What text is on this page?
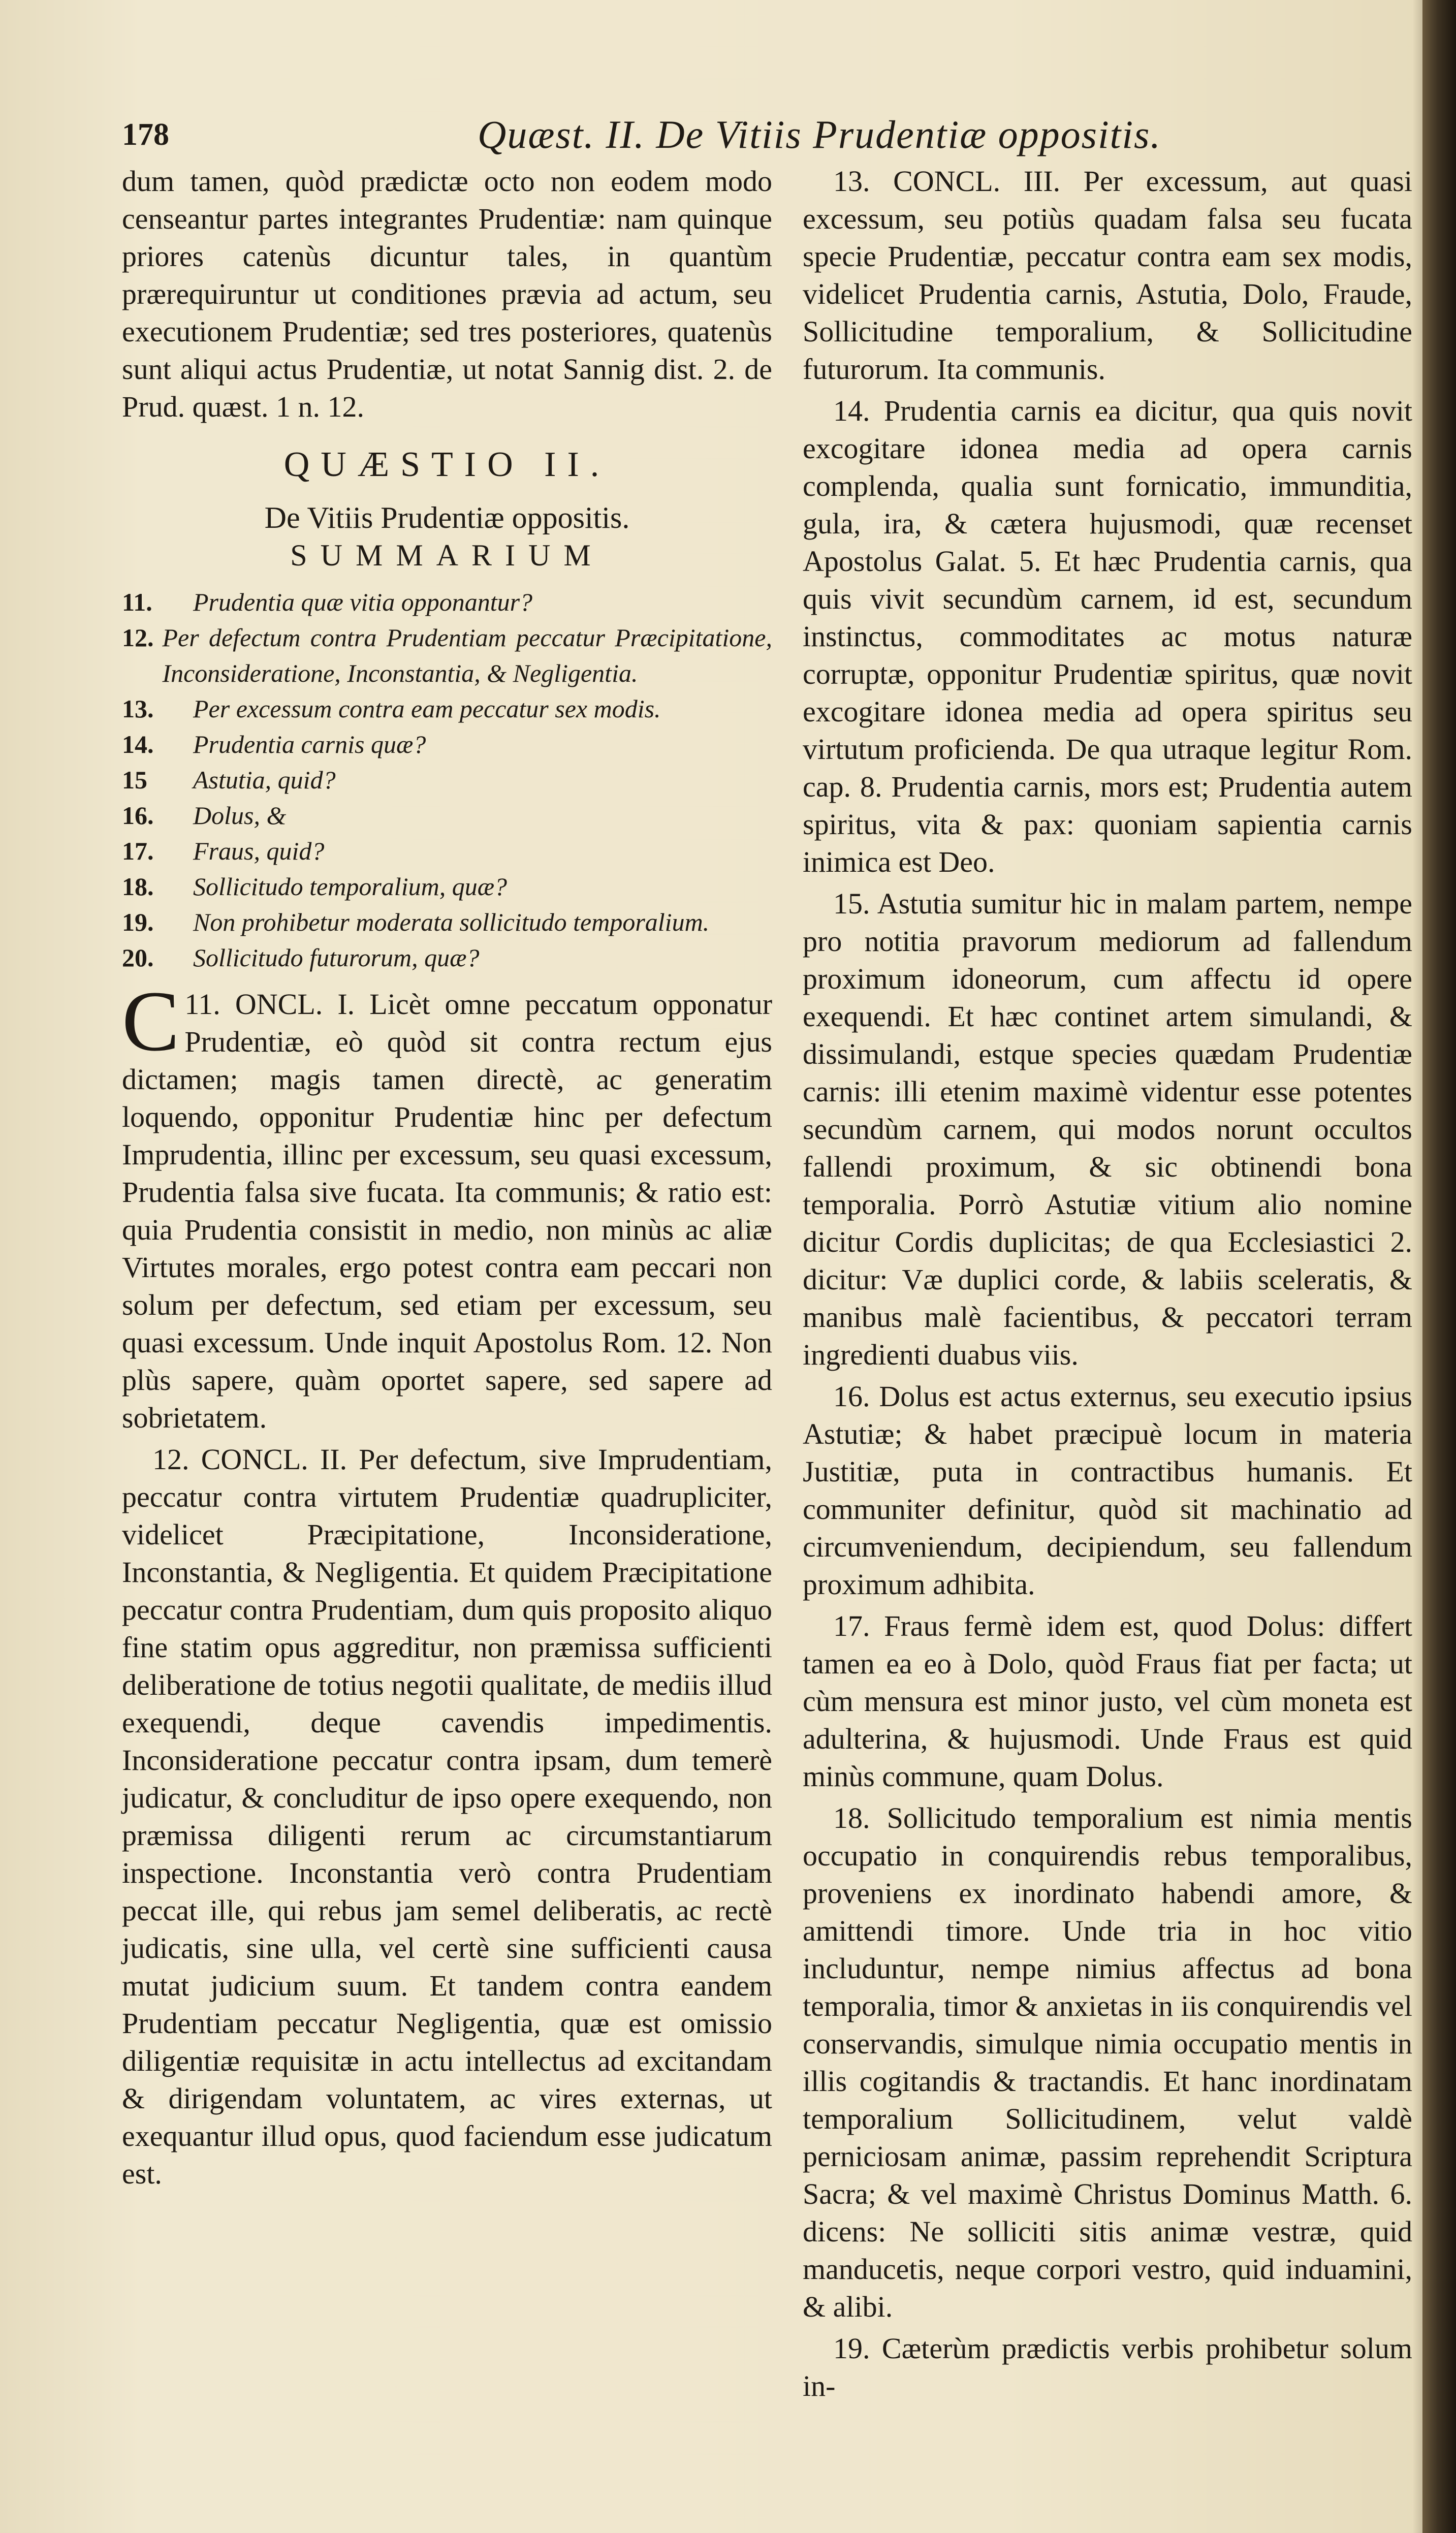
178	Quæst. II. De Vitiis Prudentiæ oppositis.

dum tamen, quòd prædictæ octo non eodem modo censeantur partes integrantes Prudentiæ: nam quinque priores catenùs dicuntur tales, in quantùm prærequiruntur ut conditiones prævia ad actum, seu executionem Prudentiæ; sed tres posteriores, quatenùs sunt aliqui actus Prudentiæ, ut notat Sannig dist. 2. de Prud. quæst. 1 n. 12.

QUÆSTIO II.

De Vitiis Prudentiæ oppositis.

SUMMARIUM

11.	Prudentia quæ vitia opponantur?
12. Per defectum contra Prudentiam peccatur Præcipitatione, Inconsideratione, Inconstantia, & Negligentia.
13.	Per excessum contra eam peccatur sex modis.
14.	Prudentia carnis quæ?
15	Astutia, quid?
16.	Dolus, &
17.	Fraus, quid?
18.	Sollicitudo temporalium, quæ?
19.	Non prohibetur moderata sollicitudo temporalium.
20.	Sollicitudo futurorum, quæ?

11.
C ONCL. I. Licèt omne peccatum opponatur Prudentiæ, eò quòd sit contra rectum ejus dictamen; magis tamen directè, ac generatim loquendo, opponitur Prudentiæ hinc per defectum Imprudentia, illinc per excessum, seu quasi excessum, Prudentia falsa sive fucata. Ita communis; & ratio est: quia Prudentia consistit in medio, non minùs ac aliæ Virtutes morales, ergo potest contra eam peccari non solum per defectum, sed etiam per excessum, seu quasi excessum. Unde inquit Apostolus Rom. 12. Non plùs sapere, quàm oportet sapere, sed sapere ad sobrietatem.

12. CONCL. II. Per defectum, sive Imprudentiam, peccatur contra virtutem Prudentiæ quadrupliciter, videlicet Præcipitatione, Inconsideratione, Inconstantia, & Negligentia. Et quidem Præcipitatione peccatur contra Prudentiam, dum quis proposito aliquo fine statim opus aggreditur, non præmissa sufficienti deliberatione de totius negotii qualitate, de mediis illud exequendi, deque cavendis impedimentis. Inconsideratione peccatur contra ipsam, dum temerè judicatur, & concluditur de ipso opere exequendo, non præmissa diligenti rerum ac circumstantiarum inspectione. Inconstantia verò contra Prudentiam peccat ille, qui rebus jam semel deliberatis, ac rectè judicatis, sine ulla, vel certè sine sufficienti causa mutat judicium suum. Et tandem contra eandem Prudentiam peccatur Negligentia, quæ est omissio diligentiæ requisitæ in actu intellectus ad excitandam & dirigendam voluntatem, ac vires externas, ut exequantur illud opus, quod faciendum esse judicatum est.

13. CONCL. III. Per excessum, aut quasi excessum, seu potiùs quadam falsa seu fucata specie Prudentiæ, peccatur contra eam sex modis, videlicet Prudentia carnis, Astutia, Dolo, Fraude, Sollicitudine temporalium, & Sollicitudine futurorum. Ita communis.

14. Prudentia carnis ea dicitur, qua quis novit excogitare idonea media ad opera carnis complenda, qualia sunt fornicatio, immunditia, gula, ira, & cætera hujusmodi, quæ recenset Apostolus Galat. 5. Et hæc Prudentia carnis, qua quis vivit secundùm carnem, id est, secundum instinctus, commoditates ac motus naturæ corruptæ, opponitur Prudentiæ spiritus, quæ novit excogitare idonea media ad opera spiritus seu virtutum proficienda. De qua utraque legitur Rom. cap. 8. Prudentia carnis, mors est; Prudentia autem spiritus, vita & pax: quoniam sapientia carnis inimica est Deo.

15. Astutia sumitur hic in malam partem, nempe pro notitia pravorum mediorum ad fallendum proximum idoneorum, cum affectu id opere exequendi. Et hæc continet artem simulandi, & dissimulandi, estque species quædam Prudentiæ carnis: illi etenim maximè videntur esse potentes secundùm carnem, qui modos norunt occultos fallendi proximum, & sic obtinendi bona temporalia. Porrò Astutiæ vitium alio nomine dicitur Cordis duplicitas; de qua Ecclesiastici 2. dicitur: Væ duplici corde, & labiis sceleratis, & manibus malè facientibus, & peccatori terram ingredienti duabus viis.

16. Dolus est actus externus, seu executio ipsius Astutiæ; & habet præcipuè locum in materia Justitiæ, puta in contractibus humanis. Et communiter definitur, quòd sit machinatio ad circumveniendum, decipiendum, seu fallendum proximum adhibita.

17. Fraus fermè idem est, quod Dolus: differt tamen ea eo à Dolo, quòd Fraus fiat per facta; ut cùm mensura est minor justo, vel cùm moneta est adulterina, & hujusmodi. Unde Fraus est quid minùs commune, quam Dolus.

18. Sollicitudo temporalium est nimia mentis occupatio in conquirendis rebus temporalibus, proveniens ex inordinato habendi amore, & amittendi timore. Unde tria in hoc vitio includuntur, nempe nimius affectus ad bona temporalia, timor & anxietas in iis conquirendis vel conservandis, simulque nimia occupatio mentis in illis cogitandis & tractandis. Et hanc inordinatam temporalium Sollicitudinem, velut valdè perniciosam animæ, passim reprehendit Scriptura Sacra; & vel maximè Christus Dominus Matth. 6. dicens: Ne solliciti sitis animæ vestræ, quid manducetis, neque corpori vestro, quid induamini, & alibi.

19. Cæterùm prædictis verbis prohibetur solum in-
